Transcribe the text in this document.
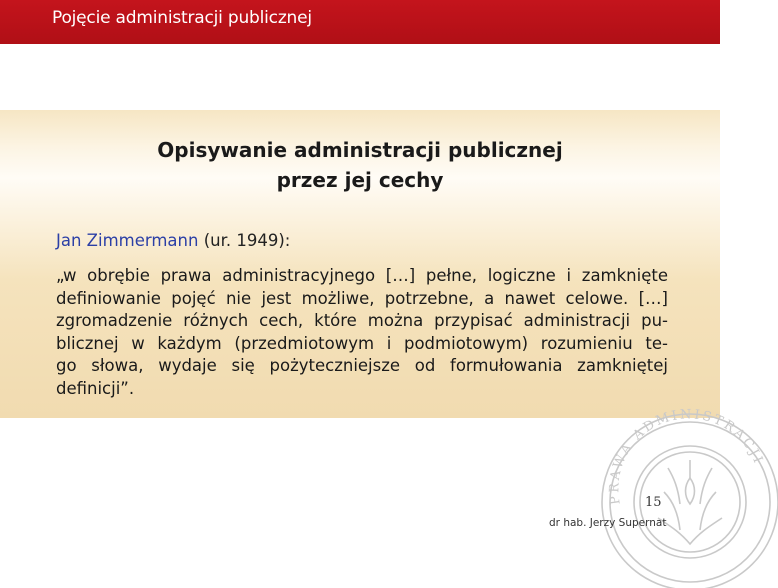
Pojęcie administracji publicznej
Opisywanie administracji publicznej
przez jej cechy
Jan Zimmermann (ur. 1949):
„w obrębie prawa administracyjnego […] pełne, logiczne i zamknięte
definiowanie pojęć nie jest możliwe, potrzebne, a nawet celowe. […]
zgromadzenie różnych cech, które można przypisać administracji pu-
blicznej w każdym (przedmiotowym i podmiotowym) rozumieniu te-
go słowa, wydaje się pożyteczniejsze od formułowania zamkniętej
definicji”.
PRAWA ADMINISTRACJI
15
dr hab. Jerzy Supernat
